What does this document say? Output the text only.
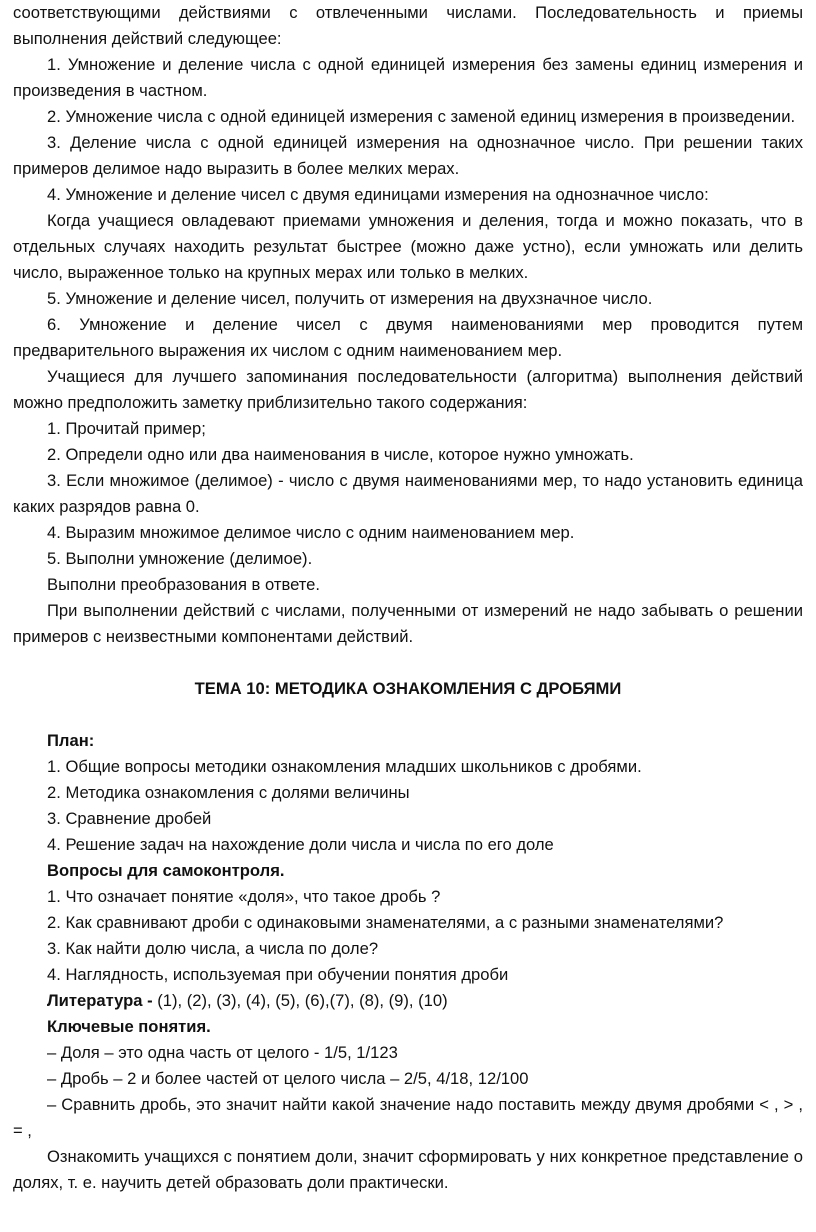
соответствующими действиями с отвлеченными числами. Последовательность и приемы выполнения действий следующее:

1. Умножение и деление числа с одной единицей измерения без замены единиц измерения и произведения в частном.

2. Умножение числа с одной единицей измерения с заменой единиц измерения в произведении.

3. Деление числа с одной единицей измерения на однозначное число. При решении таких примеров делимое надо выразить в более мелких мерах.

4. Умножение и деление чисел с двумя единицами измерения на однозначное число:

Когда учащиеся овладевают приемами умножения и деления, тогда и можно показать, что в отдельных случаях находить результат быстрее (можно даже устно), если умножать или делить число, выраженное только на крупных мерах или только в мелких.

5. Умножение и деление чисел, получить от измерения на двухзначное число.

6. Умножение и деление чисел с двумя наименованиями мер проводится путем предварительного выражения их числом с одним наименованием мер.

Учащиеся для лучшего запоминания последовательности (алгоритма) выполнения действий можно предположить заметку приблизительно такого содержания:

1. Прочитай пример;

2. Определи одно или два наименования в числе, которое нужно умножать.

3. Если множимое (делимое) - число с двумя наименованиями мер, то надо установить единица каких разрядов равна 0.

4. Выразим множимое делимое число с одним наименованием мер.

5. Выполни умножение (делимое).

Выполни преобразования в ответе.

При выполнении действий с числами, полученными от измерений не надо забывать о решении примеров с неизвестными компонентами действий.

ТЕМА 10: МЕТОДИКА ОЗНАКОМЛЕНИЯ С ДРОБЯМИ

План:

1. Общие вопросы методики ознакомления младших школьников с дробями.

2. Методика ознакомления с долями величины

3. Сравнение дробей

4. Решение задач на нахождение доли числа и числа по его доле

Вопросы для самоконтроля.

1. Что означает понятие «доля», что такое дробь ?

2. Как сравнивают дроби с одинаковыми знаменателями, а с разными знаменателями?

3. Как найти долю числа, а числа по доле?

4. Наглядность, используемая при обучении понятия дроби

Литература - (1), (2), (3), (4), (5), (6),(7), (8), (9), (10)

Ключевые понятия.

– Доля – это одна часть от целого - 1/5, 1/123

– Дробь – 2 и более частей от целого числа – 2/5, 4/18, 12/100

– Сравнить дробь, это значит найти какой значение надо поставить между двумя дробями < , > , = ,

Ознакомить учащихся с понятием доли, значит сформировать у них конкретное представление о долях, т. е. научить детей образовать доли практически.
